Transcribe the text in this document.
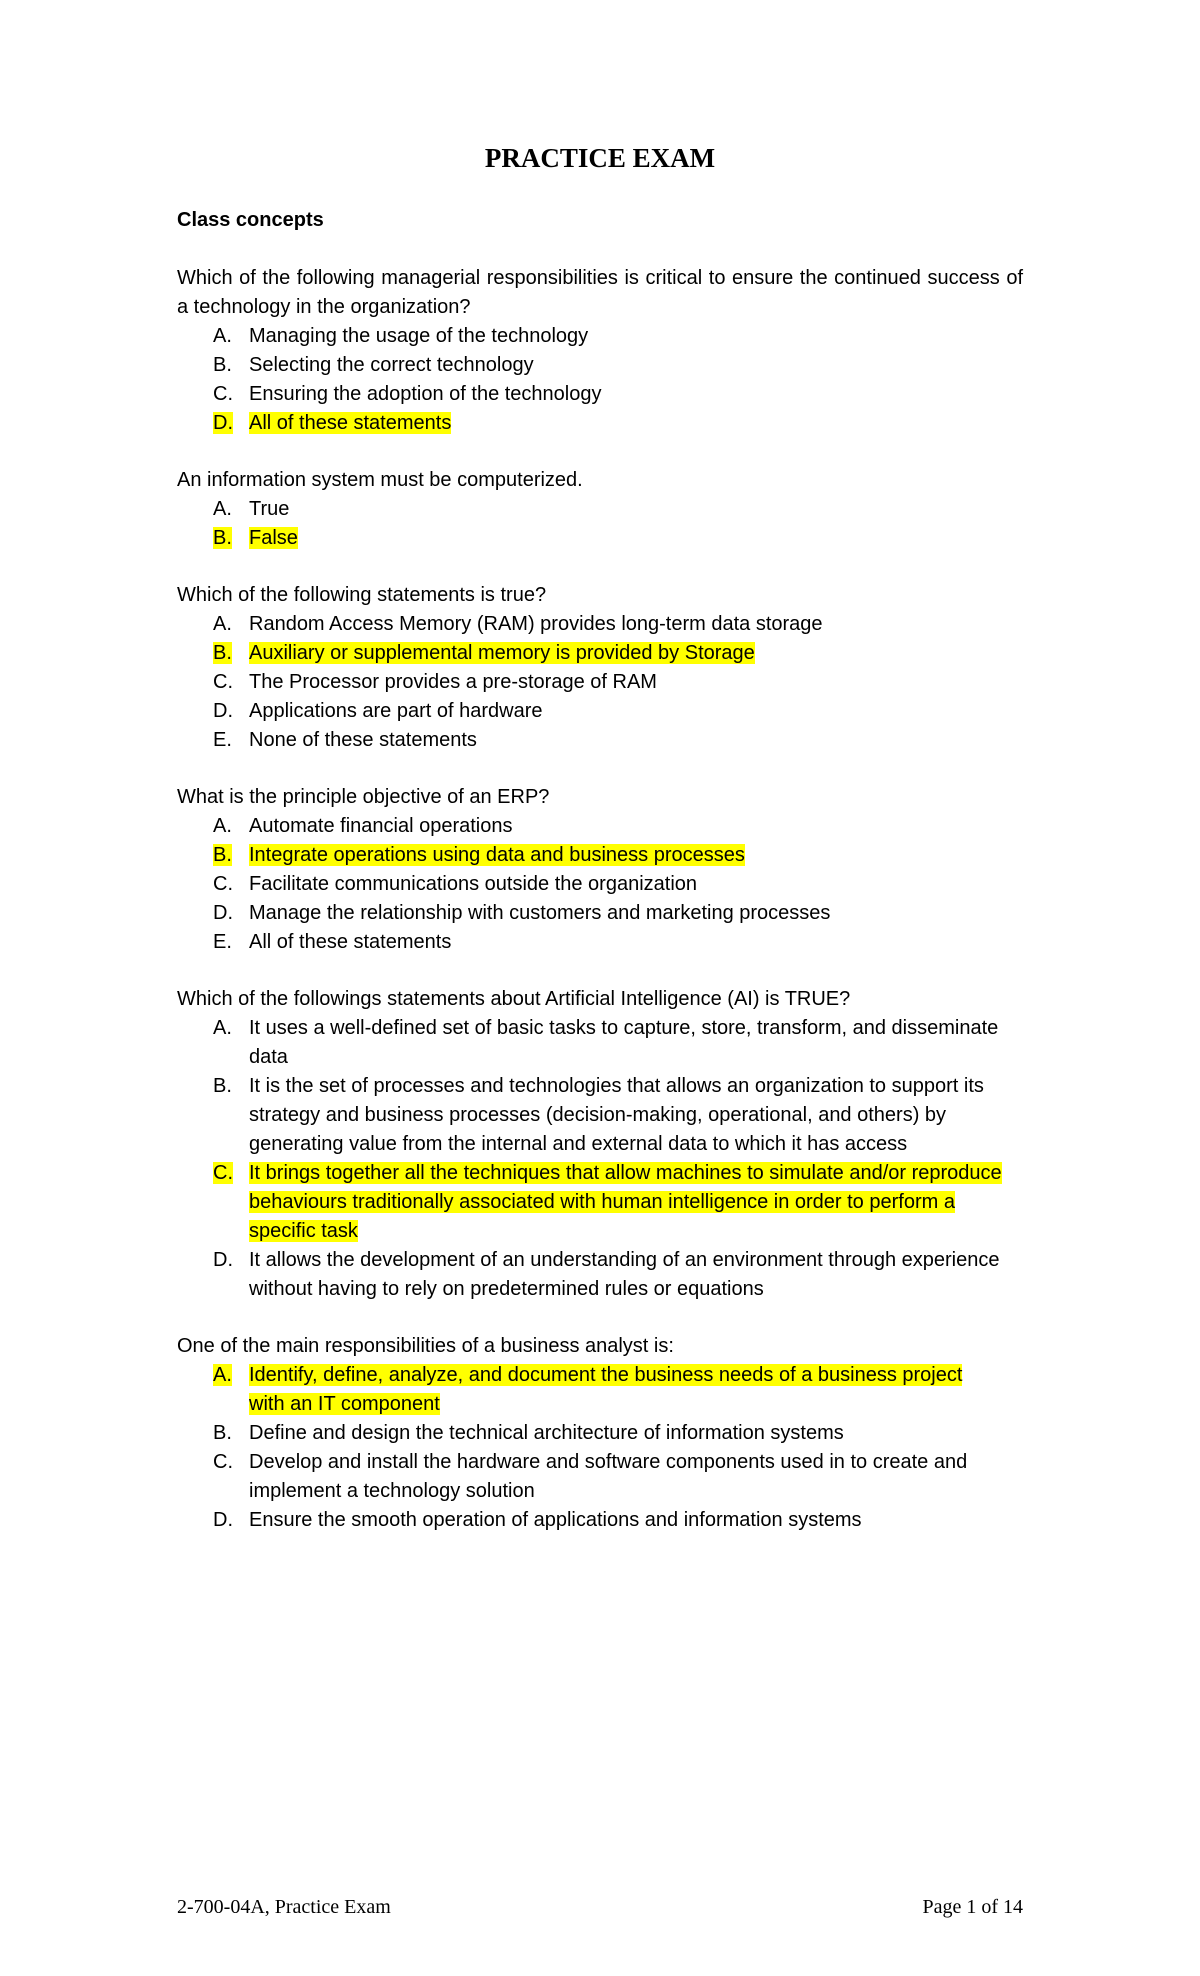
PRACTICE EXAM
Class concepts
Which of the following managerial responsibilities is critical to ensure the continued success of a technology in the organization?
A. Managing the usage of the technology
B. Selecting the correct technology
C. Ensuring the adoption of the technology
D. All of these statements
An information system must be computerized.
A. True
B. False
Which of the following statements is true?
A. Random Access Memory (RAM) provides long-term data storage
B. Auxiliary or supplemental memory is provided by Storage
C. The Processor provides a pre-storage of RAM
D. Applications are part of hardware
E. None of these statements
What is the principle objective of an ERP?
A. Automate financial operations
B. Integrate operations using data and business processes
C. Facilitate communications outside the organization
D. Manage the relationship with customers and marketing processes
E. All of these statements
Which of the followings statements about Artificial Intelligence (AI) is TRUE?
A. It uses a well-defined set of basic tasks to capture, store, transform, and disseminate data
B. It is the set of processes and technologies that allows an organization to support its strategy and business processes (decision-making, operational, and others) by generating value from the internal and external data to which it has access
C. It brings together all the techniques that allow machines to simulate and/or reproduce behaviours traditionally associated with human intelligence in order to perform a specific task
D. It allows the development of an understanding of an environment through experience without having to rely on predetermined rules or equations
One of the main responsibilities of a business analyst is:
A. Identify, define, analyze, and document the business needs of a business project with an IT component
B. Define and design the technical architecture of information systems
C. Develop and install the hardware and software components used in to create and implement a technology solution
D. Ensure the smooth operation of applications and information systems
2-700-04A, Practice Exam	Page 1 of 14
